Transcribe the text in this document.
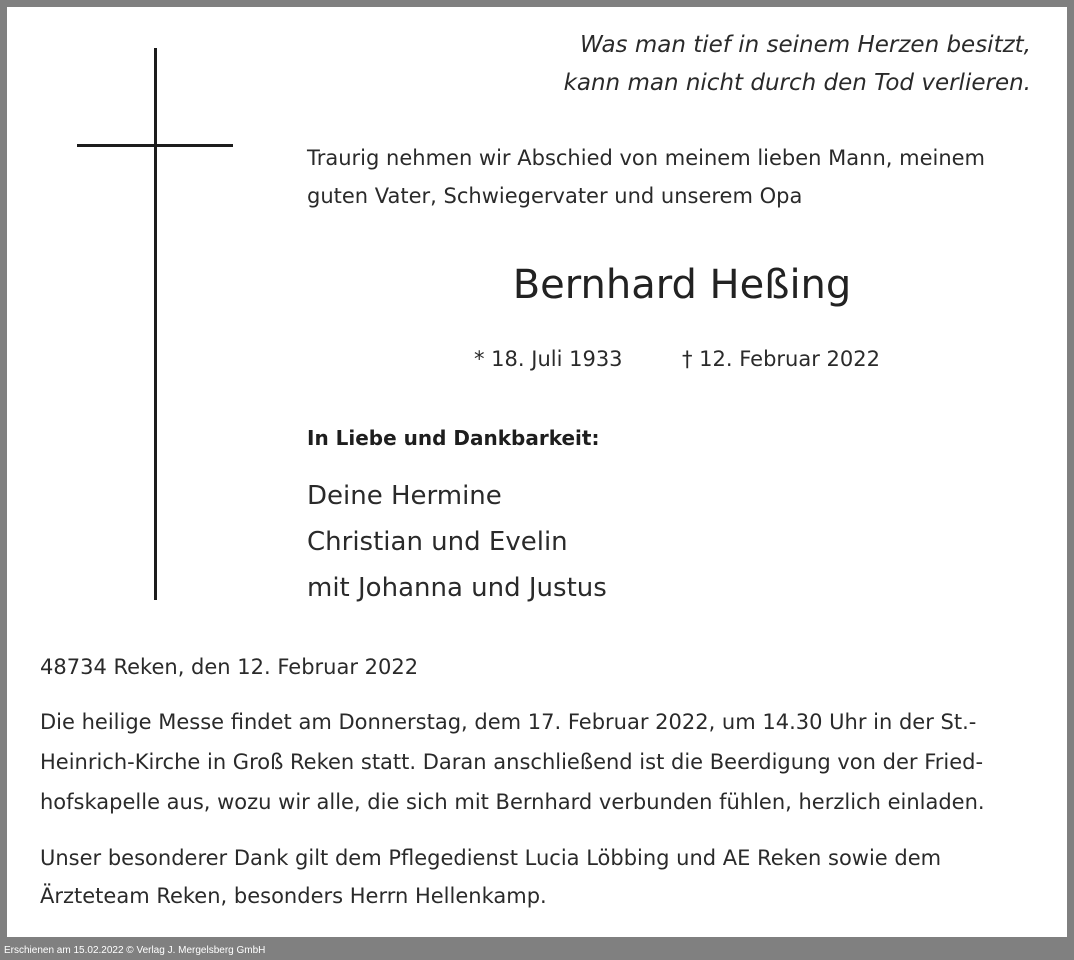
Was man tief in seinem Herzen besitzt,
kann man nicht durch den Tod verlieren.
Traurig nehmen wir Abschied von meinem lieben Mann, meinem
guten Vater, Schwiegervater und unserem Opa
Bernhard Heßing
* 18. Juli 1933	† 12. Februar 2022
In Liebe und Dankbarkeit:
Deine Hermine
Christian und Evelin
mit Johanna und Justus
48734 Reken, den 12. Februar 2022
Die heilige Messe findet am Donnerstag, dem 17. Februar 2022, um 14.30 Uhr in der St.-
Heinrich-Kirche in Groß Reken statt. Daran anschließend ist die Beerdigung von der Fried-
hofskapelle aus, wozu wir alle, die sich mit Bernhard verbunden fühlen, herzlich einladen.
Unser besonderer Dank gilt dem Pflegedienst Lucia Löbbing und AE Reken sowie dem
Ärzteteam Reken, besonders Herrn Hellenkamp.
Erschienen am 15.02.2022 © Verlag J. Mergelsberg GmbH
